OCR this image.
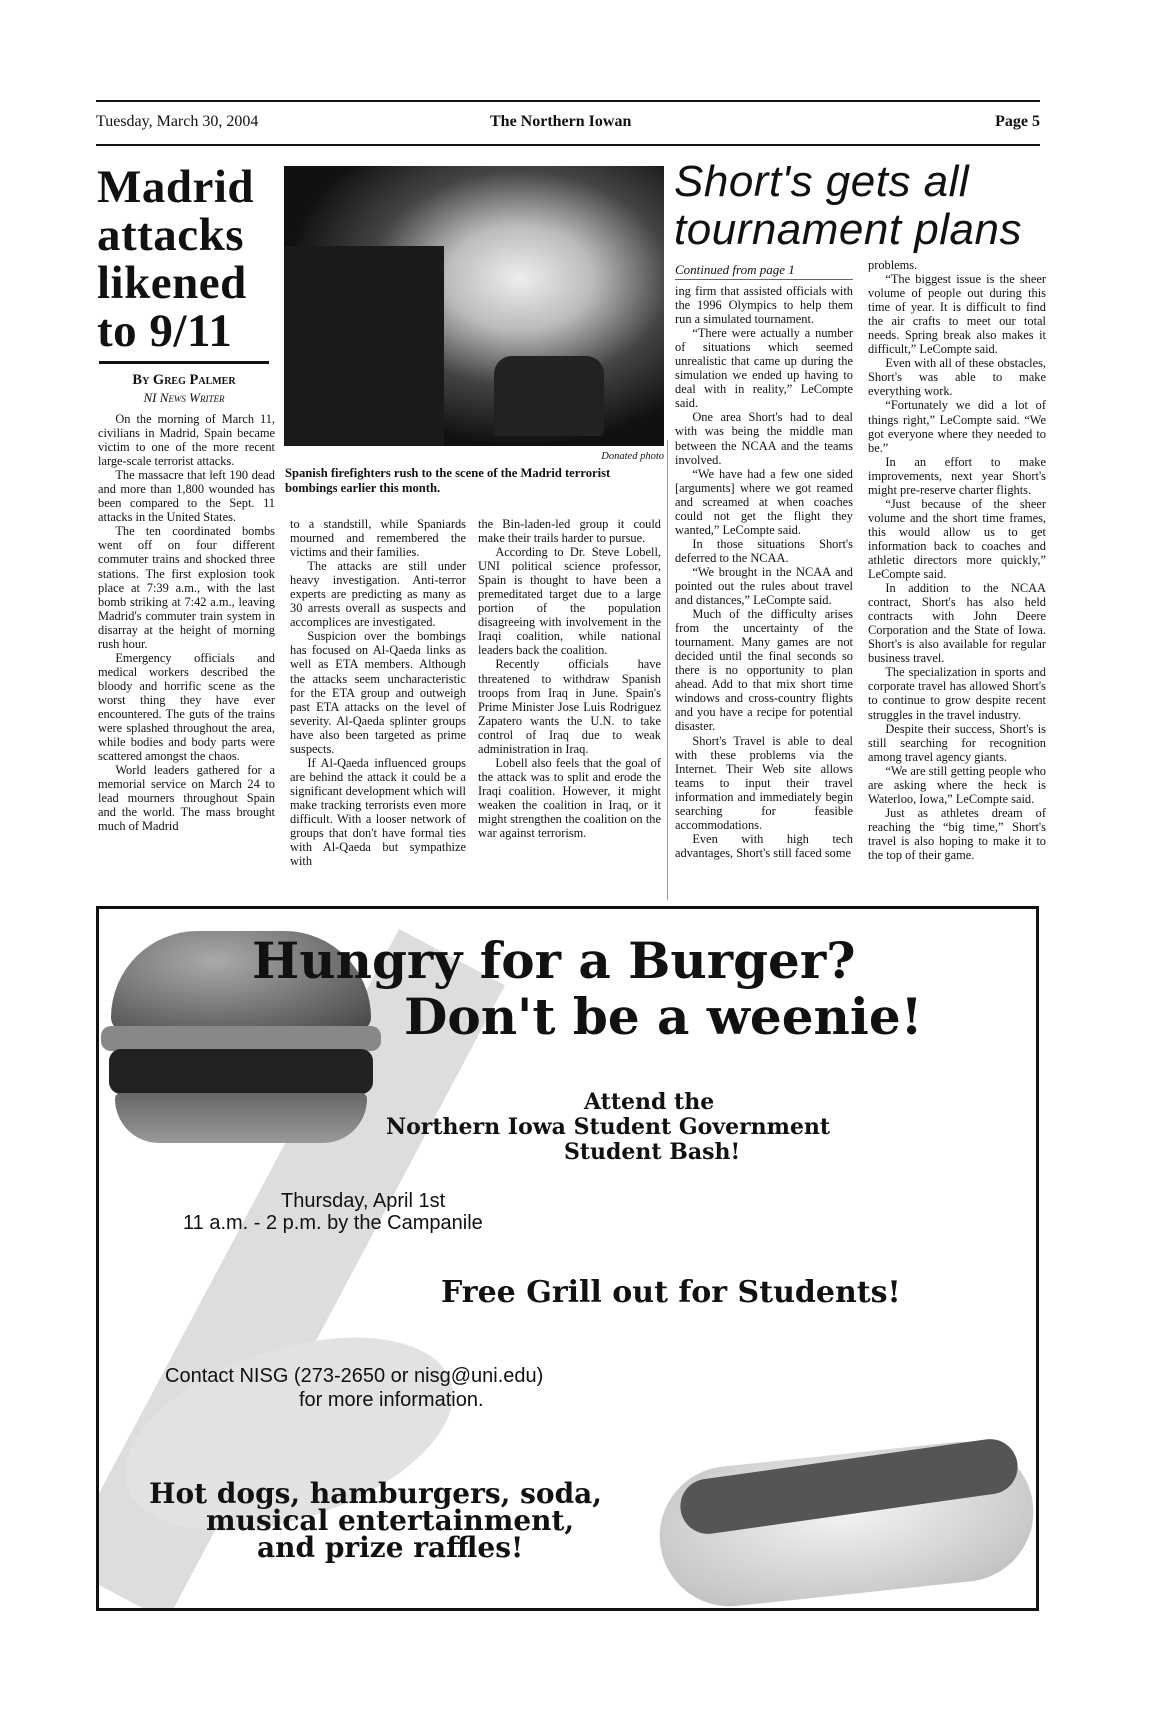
Tuesday, March 30, 2004	The Northern Iowan	Page 5
Madrid
attacks
likened
to 9/11
By Greg Palmer
NI News Writer
Donated photo
Spanish firefighters rush to the scene of the Madrid terrorist bombings earlier this month.

On the morning of March 11, civilians in Madrid, Spain became victim to one of the more recent large-scale terrorist attacks.

The massacre that left 190 dead and more than 1,800 wounded has been compared to the Sept. 11 attacks in the United States.

The ten coordinated bombs went off on four different commuter trains and shocked three stations. The first explosion took place at 7:39 a.m., with the last bomb striking at 7:42 a.m., leaving Madrid's commuter train system in disarray at the height of morning rush hour.

Emergency officials and medical workers described the bloody and horrific scene as the worst thing they have ever encountered. The guts of the trains were splashed throughout the area, while bodies and body parts were scattered amongst the chaos.

World leaders gathered for a memorial service on March 24 to lead mourners throughout Spain and the world. The mass brought much of Madrid

to a standstill, while Spaniards mourned and remembered the victims and their families.

The attacks are still under heavy investigation. Anti-terror experts are predicting as many as 30 arrests overall as suspects and accomplices are investigated.

Suspicion over the bombings has focused on Al-Qaeda links as well as ETA members. Although the attacks seem uncharacteristic for the ETA group and outweigh past ETA attacks on the level of severity. Al-Qaeda splinter groups have also been targeted as prime suspects.

If Al-Qaeda influenced groups are behind the attack it could be a significant development which will make tracking terrorists even more difficult. With a looser network of groups that don't have formal ties with Al-Qaeda but sympathize with

the Bin-laden-led group it could make their trails harder to pursue.

According to Dr. Steve Lobell, UNI political science professor, Spain is thought to have been a premeditated target due to a large portion of the population disagreeing with involvement in the Iraqi coalition, while national leaders back the coalition.

Recently officials have threatened to withdraw Spanish troops from Iraq in June. Spain's Prime Minister Jose Luis Rodriguez Zapatero wants the U.N. to take control of Iraq due to weak administration in Iraq.

Lobell also feels that the goal of the attack was to split and erode the Iraqi coalition. However, it might weaken the coalition in Iraq, or it might strengthen the coalition on the war against terrorism.

Short's gets all
tournament plans
Continued from page 1

ing firm that assisted officials with the 1996 Olympics to help them run a simulated tournament.

“There were actually a number of situations which seemed unrealistic that came up during the simulation we ended up having to deal with in reality,” LeCompte said.

One area Short's had to deal with was being the middle man between the NCAA and the teams involved.

“We have had a few one sided [arguments] where we got reamed and screamed at when coaches could not get the flight they wanted,” LeCompte said.

In those situations Short's deferred to the NCAA.

“We brought in the NCAA and pointed out the rules about travel and distances,” LeCompte said.

Much of the difficulty arises from the uncertainty of the tournament. Many games are not decided until the final seconds so there is no opportunity to plan ahead. Add to that mix short time windows and cross-country flights and you have a recipe for potential disaster.

Short's Travel is able to deal with these problems via the Internet. Their Web site allows teams to input their travel information and immediately begin searching for feasible accommodations.

Even with high tech advantages, Short's still faced some

problems.

“The biggest issue is the sheer volume of people out during this time of year. It is difficult to find the air crafts to meet our total needs. Spring break also makes it difficult,” LeCompte said.

Even with all of these obstacles, Short's was able to make everything work.

“Fortunately we did a lot of things right,” LeCompte said. “We got everyone where they needed to be.”

In an effort to make improvements, next year Short's might pre-reserve charter flights.

“Just because of the sheer volume and the short time frames, this would allow us to get information back to coaches and athletic directors more quickly,” LeCompte said.

In addition to the NCAA contract, Short's has also held contracts with John Deere Corporation and the State of Iowa. Short's is also available for regular business travel.

The specialization in sports and corporate travel has allowed Short's to continue to grow despite recent struggles in the travel industry.

Despite their success, Short's is still searching for recognition among travel agency giants.

“We are still getting people who are asking where the heck is Waterloo, Iowa,” LeCompte said.

Just as athletes dream of reaching the “big time,” Short's travel is also hoping to make it to the top of their game.

Hungry for a Burger?
Don't be a weenie!
Attend the
Northern Iowa Student Government
Student Bash!
Thursday, April 1st
11 a.m. - 2 p.m. by the Campanile
Free Grill out for Students!
Contact NISG (273-2650 or nisg@uni.edu)
for more information.
Hot dogs, hamburgers, soda,
musical entertainment,
and prize raffles!
